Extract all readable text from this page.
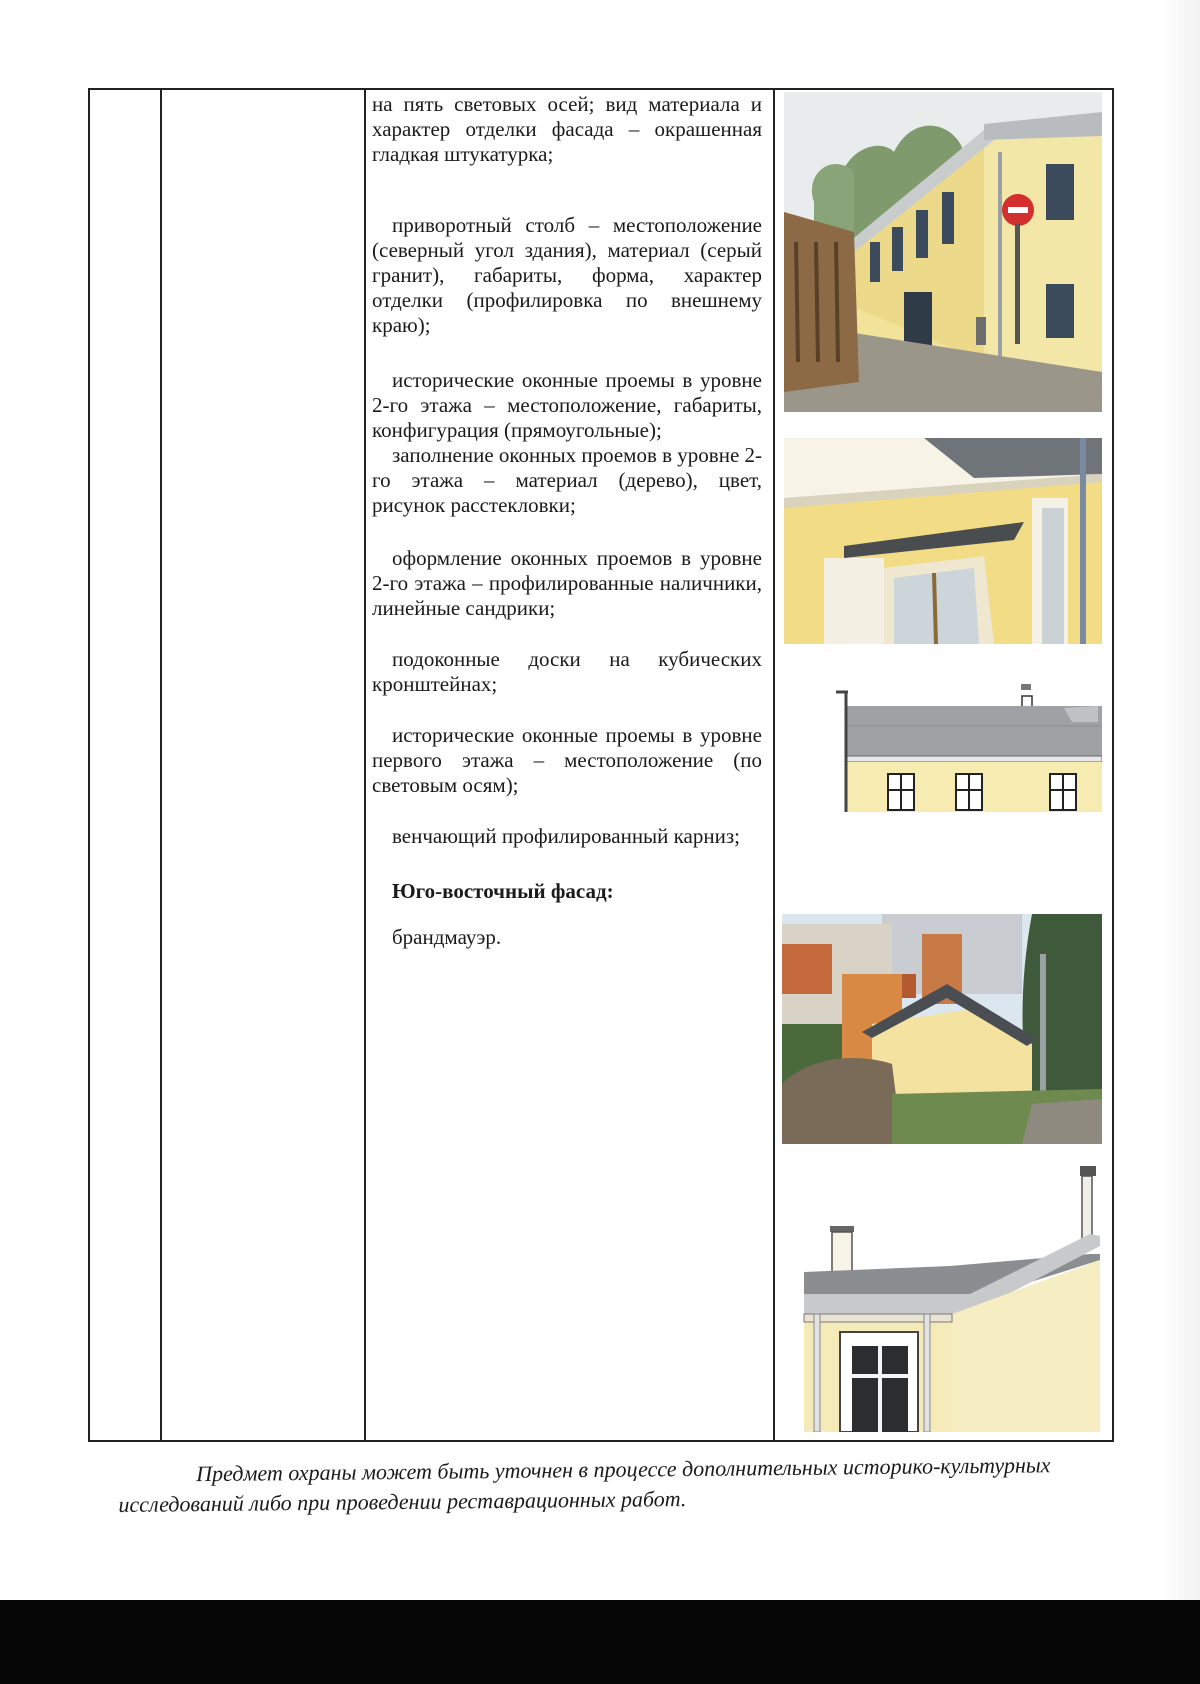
на пять световых осей; вид материала и характер отделки фасада – окрашенная гладкая штукатурка;

приворотный столб – местоположение (северный угол здания), материал (серый гранит), габариты, форма, характер отделки (профилировка по внешнему краю);

исторические оконные проемы в уровне 2-го этажа – местоположение, габариты, конфигурация (прямоугольные);

заполнение оконных проемов в уровне 2-го этажа – материал (дерево), цвет, рисунок расстекловки;

оформление оконных проемов в уровне 2-го этажа – профилированные наличники, линейные сандрики;

подоконные доски на кубических кронштейнах;

исторические оконные проемы в уровне первого этажа – местоположение (по световым осям);

венчающий профилированный карниз;

Юго-восточный фасад:

брандмауэр.

Предмет охраны может быть уточнен в процессе дополнительных историко-культурных

исследований либо при проведении реставрационных работ.
